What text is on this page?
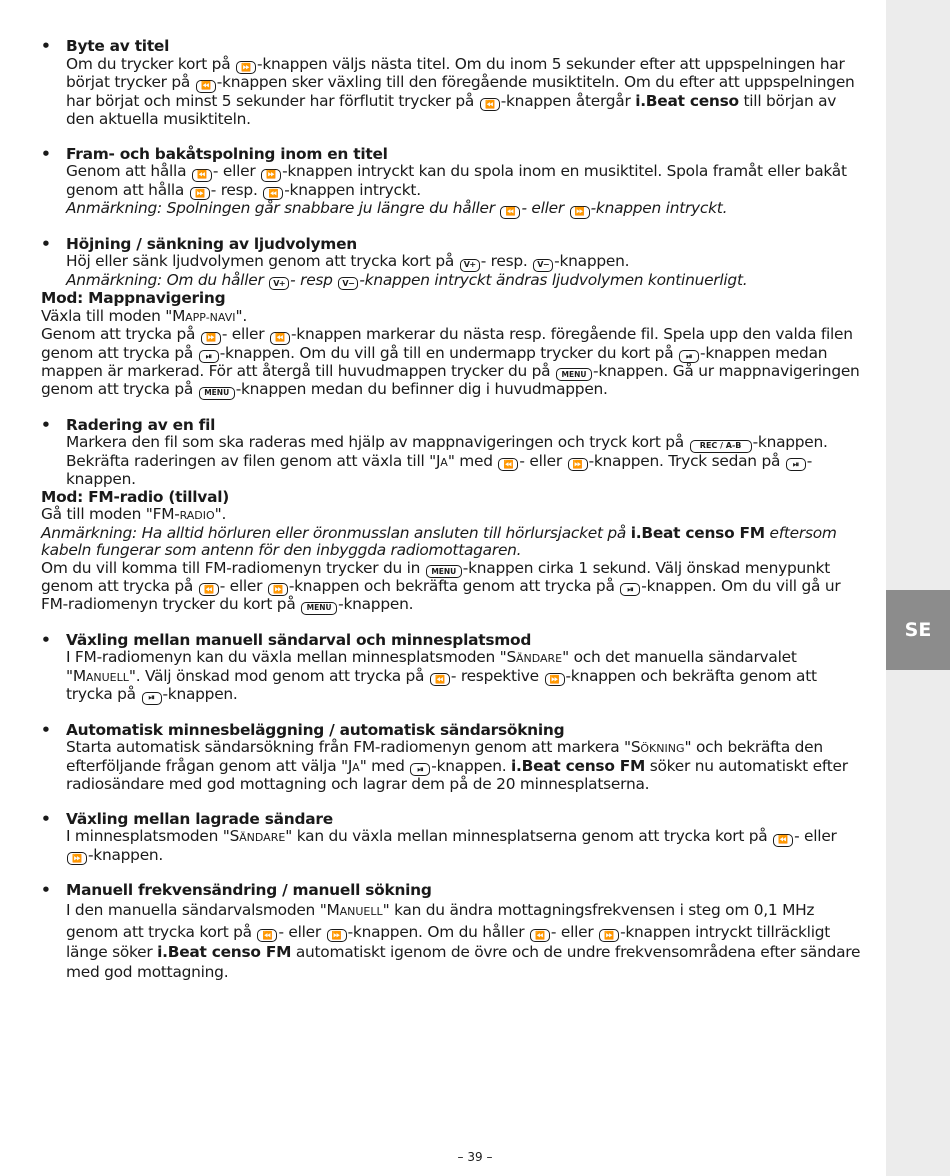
SE
• Byte av titel

Om du trycker kort på ⏩ -knappen väljs nästa titel. Om du inom 5 sekunder efter att uppspelningen har börjat trycker på ⏪ -knappen sker växling till den föregående musiktiteln. Om du efter att uppspelningen har börjat och minst 5 sekunder har förflutit trycker på ⏪ -knappen återgår i.Beat censo till början av den aktuella musiktiteln.

• Fram- och bakåtspolning inom en titel

Genom att hålla ⏪ - eller ⏩ -knappen intryckt kan du spola inom en musiktitel. Spola framåt eller bakåt genom att hålla ⏩ - resp. ⏪ -knappen intryckt.

Anmärkning: Spolningen går snabbare ju längre du håller ⏪ - eller ⏩ -knappen intryckt.

• Höjning / sänkning av ljudvolymen

Höj eller sänk ljudvolymen genom att trycka kort på V+ - resp. V− -knappen.

Anmärkning: Om du håller V+ - resp V− -knappen intryckt ändras ljudvolymen kontinuerligt.

Mod: Mappnavigering

Växla till moden "MAPP-NAVI".

Genom att trycka på ⏩ - eller ⏪ -knappen markerar du nästa resp. föregående fil. Spela upp den valda filen genom att trycka på ⏯ -knappen. Om du vill gå till en undermapp trycker du kort på ⏯ -knappen medan mappen är markerad. För att återgå till huvudmappen trycker du på MENU -knappen. Gå ur mappnavigeringen genom att trycka på MENU -knappen medan du befinner dig i huvudmappen.

• Radering av en fil

Markera den fil som ska raderas med hjälp av mappnavigeringen och tryck kort på REC / A-B -knappen. Bekräfta raderingen av filen genom att växla till "JA" med ⏪ - eller ⏩ -knappen. Tryck sedan på ⏯ -knappen.

Mod: FM-radio (tillval)

Gå till moden "FM-RADIO".

Anmärkning: Ha alltid hörluren eller öronmusslan ansluten till hörlursjacket på i.Beat censo FM eftersom kabeln fungerar som antenn för den inbyggda radiomottagaren.

Om du vill komma till FM-radiomenyn trycker du in MENU -knappen cirka 1 sekund. Välj önskad menypunkt genom att trycka på ⏪ - eller ⏩ -knappen och bekräfta genom att trycka på ⏯ -knappen. Om du vill gå ur FM-radiomenyn trycker du kort på MENU -knappen.

• Växling mellan manuell sändarval och minnesplatsmod

I FM-radiomenyn kan du växla mellan minnesplatsmoden "SÄNDARE" och det manuella sändarvalet "MANUELL". Välj önskad mod genom att trycka på ⏪ - respektive ⏩ -knappen och bekräfta genom att trycka på ⏯ -knappen.

• Automatisk minnesbeläggning / automatisk sändarsökning

Starta automatisk sändarsökning från FM-radiomenyn genom att markera "SÖKNING" och bekräfta den efterföljande frågan genom att välja "JA" med ⏯ -knappen. i.Beat censo FM söker nu automatiskt efter radiosändare med god mottagning och lagrar dem på de 20 minnesplatserna.

• Växling mellan lagrade sändare

I minnesplatsmoden "SÄNDARE" kan du växla mellan minnesplatserna genom att trycka kort på ⏪ - eller ⏩ -knappen.

• Manuell frekvensändring / manuell sökning

I den manuella sändarvalsmoden "MANUELL" kan du ändra mottagningsfrekvensen i steg om 0,1 MHz genom att trycka kort på ⏪ - eller ⏩ -knappen. Om du håller ⏪ - eller ⏩ -knappen intryckt tillräckligt länge söker i.Beat censo FM automatiskt igenom de övre och de undre frekvensområdena efter sändare med god mottagning.

– 39 –
